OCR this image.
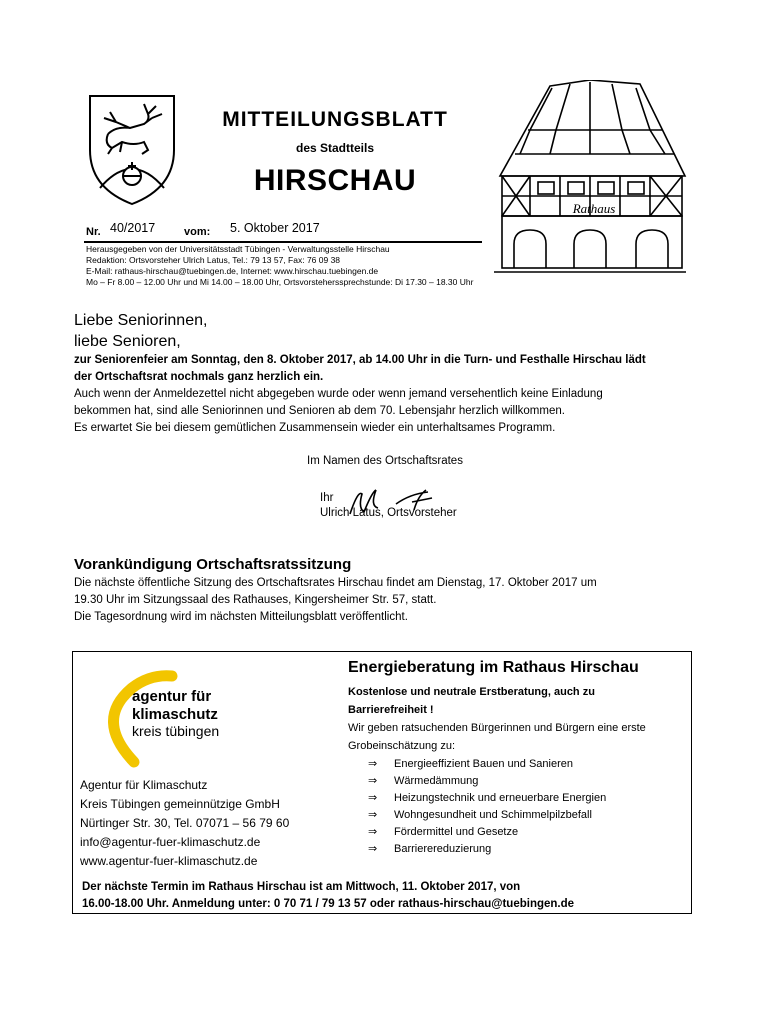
MITTEILUNGSBLATT
des Stadtteils
HIRSCHAU
Nr. 40/2017	vom: 5. Oktober 2017
Herausgegeben von der Universitätsstadt Tübingen - Verwaltungsstelle Hirschau
Redaktion: Ortsvorsteher Ulrich Latus, Tel.: 79 13 57, Fax: 76 09 38
E-Mail: rathaus-hirschau@tuebingen.de, Internet: www.hirschau.tuebingen.de
Mo – Fr 8.00 – 12.00 Uhr und Mi 14.00 – 18.00 Uhr, Ortsvorsteherssprechstunde: Di 17.30 – 18.30 Uhr
Rathaus
Liebe Seniorinnen,
liebe Senioren,
zur Seniorenfeier am Sonntag, den 8. Oktober 2017, ab 14.00 Uhr in die Turn- und Festhalle Hirschau lädt
der Ortschaftsrat nochmals ganz herzlich ein.
Auch wenn der Anmeldezettel nicht abgegeben wurde oder wenn jemand versehentlich keine Einladung
bekommen hat, sind alle Seniorinnen und Senioren ab dem 70. Lebensjahr herzlich willkommen.
Es erwartet Sie bei diesem gemütlichen Zusammensein wieder ein unterhaltsames Programm.
Im Namen des Ortschaftsrates
Ihr
Ulrich Latus, Ortsvorsteher
Vorankündigung Ortschaftsratssitzung
Die nächste öffentliche Sitzung des Ortschaftsrates Hirschau findet am Dienstag, 17. Oktober 2017 um
19.30 Uhr im Sitzungssaal des Rathauses, Kingersheimer Str. 57, statt.
Die Tagesordnung wird im nächsten Mitteilungsblatt veröffentlicht.
agentur für
klimaschutz
kreis tübingen
Agentur für Klimaschutz
Kreis Tübingen gemeinnützige GmbH
Nürtinger Str. 30, Tel. 07071 – 56 79 60
info@agentur-fuer-klimaschutz.de
www.agentur-fuer-klimaschutz.de
Energieberatung im Rathaus Hirschau
Kostenlose und neutrale Erstberatung, auch zu
Barrierefreiheit !
Wir geben ratsuchenden Bürgerinnen und Bürgern eine erste
Grobeinschätzung zu:
⇒ Energieeffizient Bauen und Sanieren
⇒ Wärmedämmung
⇒ Heizungstechnik und erneuerbare Energien
⇒ Wohngesundheit und Schimmelpilzbefall
⇒ Fördermittel und Gesetze
⇒ Barrierereduzierung
Der nächste Termin im Rathaus Hirschau ist am Mittwoch, 11. Oktober 2017, von
16.00-18.00 Uhr. Anmeldung unter: 0 70 71 / 79 13 57 oder rathaus-hirschau@tuebingen.de
